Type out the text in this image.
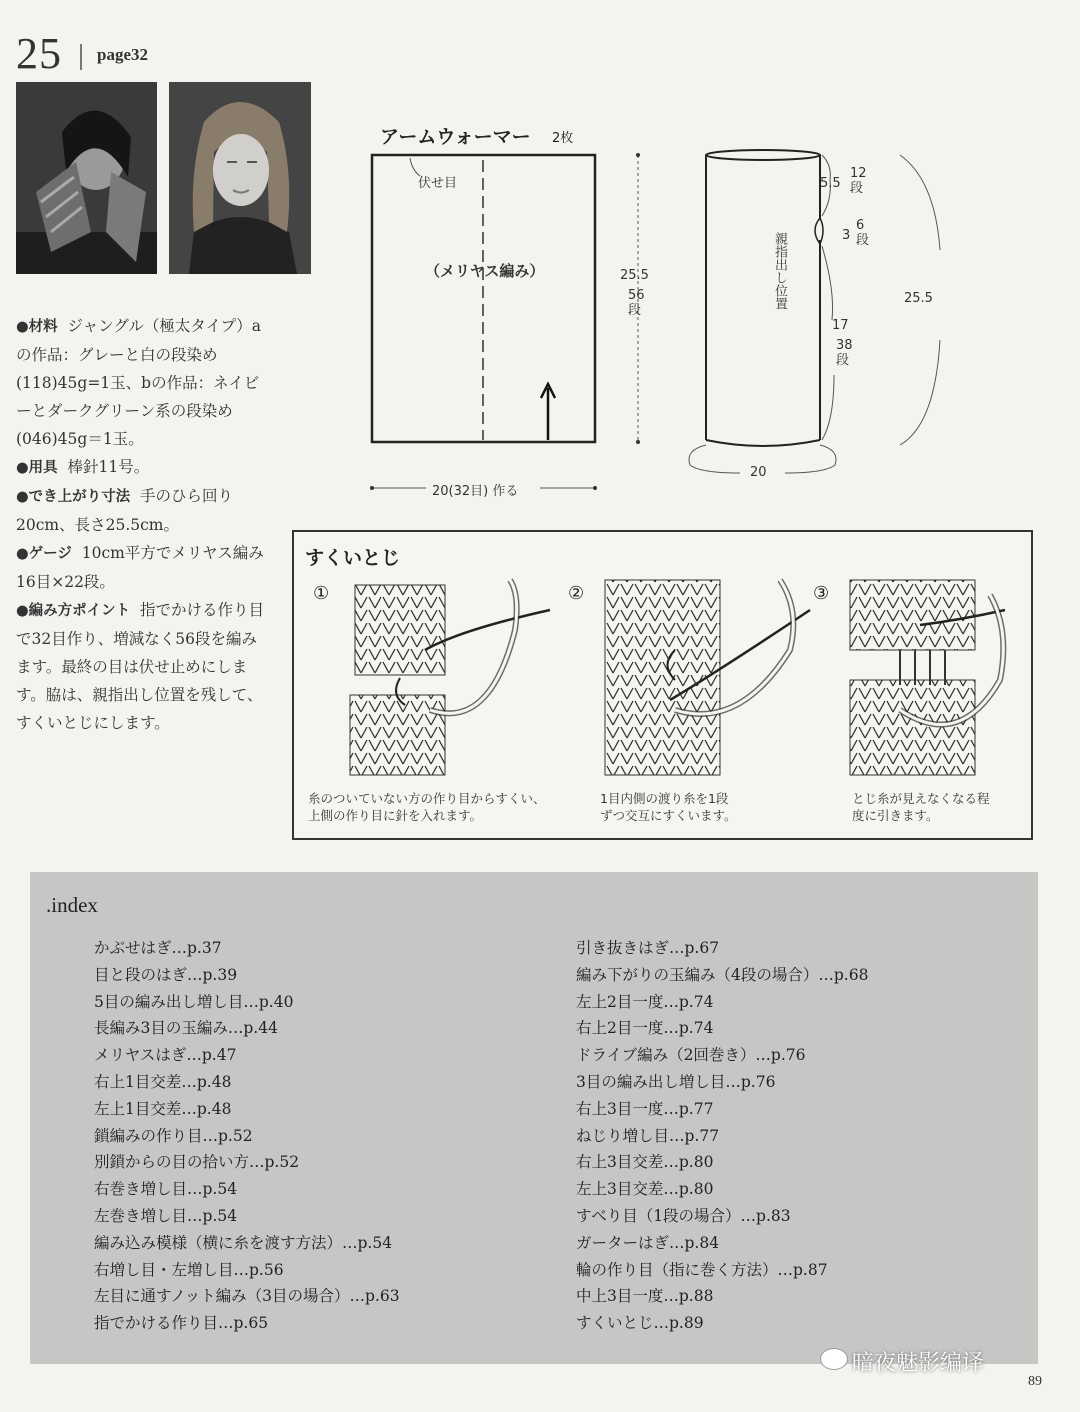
25 page32

●材料 ジャングル（極太タイプ）aの作品：グレーと白の段染め(118)45g=1玉、bの作品：ネイビーとダークグリーン系の段染め(046)45g＝1玉。

●用具 棒針11号。

●でき上がり寸法 手のひら回り20cm、長さ25.5cm。

●ゲージ 10cm平方でメリヤス編み16目×22段。

●編み方ポイント 指でかける作り目で32目作り、増減なく56段を編みます。最終の目は伏せ止めにします。脇は、親指出し位置を残して、すくいとじにします。

アームウォーマー 2枚
伏せ目
（メリヤス編み）	25.5
56
段
20(32目) 作る
5.5
12
段
3
6
段
親指出し位置
17
38
段
20
25.5
すくいとじ
①	②	③
糸のついていない方の作り目からすくい、
上側の作り目に針を入れます。
1目内側の渡り糸を1段
ずつ交互にすくいます。
とじ糸が見えなくなる程
度に引きます。
.index
かぶせはぎ…p.37
目と段のはぎ…p.39
5目の編み出し増し目…p.40
長編み3目の玉編み…p.44
メリヤスはぎ…p.47
右上1目交差…p.48
左上1目交差…p.48
鎖編みの作り目…p.52
別鎖からの目の拾い方…p.52
右巻き増し目…p.54
左巻き増し目…p.54
編み込み模様（横に糸を渡す方法）…p.54
右増し目・左増し目…p.56
左目に通すノット編み（3目の場合）…p.63
指でかける作り目…p.65
引き抜きはぎ…p.67
編み下がりの玉編み（4段の場合）…p.68
左上2目一度…p.74
右上2目一度…p.74
ドライブ編み（2回巻き）…p.76
3目の編み出し増し目…p.76
右上3目一度…p.77
ねじり増し目…p.77
右上3目交差…p.80
左上3目交差…p.80
すべり目（1段の場合）…p.83
ガーターはぎ…p.84
輪の作り目（指に巻く方法）…p.87
中上3目一度…p.88
すくいとじ…p.89
暗夜魅影编译
89
